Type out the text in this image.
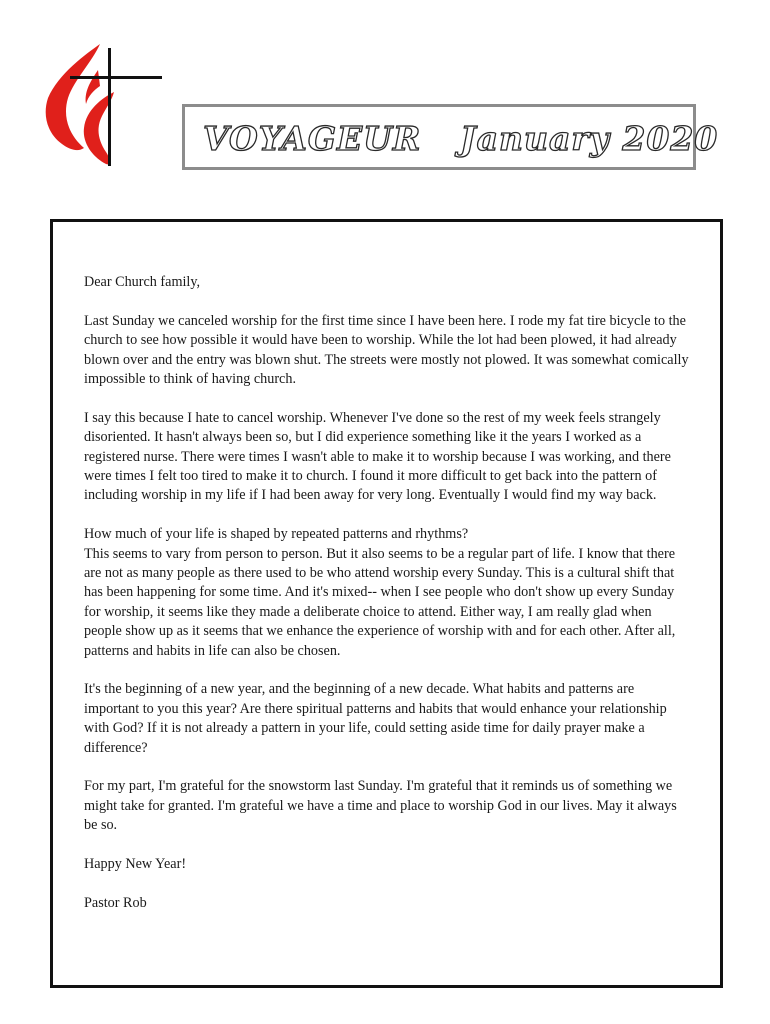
VOYAGEUR January 2020

Dear Church family,

Last Sunday we canceled worship for the first time since I have been here. I rode my fat tire bicycle to the church to see how possible it would have been to worship. While the lot had been plowed, it had already blown over and the entry was blown shut. The streets were mostly not plowed. It was somewhat comically impossible to think of having church.

I say this because I hate to cancel worship. Whenever I've done so the rest of my week feels strangely disoriented. It hasn't always been so, but I did experience something like it the years I worked as a registered nurse. There were times I wasn't able to make it to worship because I was working, and there were times I felt too tired to make it to church. I found it more difficult to get back into the pattern of including worship in my life if I had been away for very long. Eventually I would find my way back.

How much of your life is shaped by repeated patterns and rhythms?
This seems to vary from person to person. But it also seems to be a regular part of life. I know that there are not as many people as there used to be who attend worship every Sunday. This is a cultural shift that has been happening for some time. And it's mixed-- when I see people who don't show up every Sunday for worship, it seems like they made a deliberate choice to attend. Either way, I am really glad when people show up as it seems that we enhance the experience of worship with and for each other. After all, patterns and habits in life can also be chosen.

It's the beginning of a new year, and the beginning of a new decade. What habits and patterns are important to you this year? Are there spiritual patterns and habits that would enhance your relationship with God? If it is not already a pattern in your life, could setting aside time for daily prayer make a difference?

For my part, I'm grateful for the snowstorm last Sunday. I'm grateful that it reminds us of something we might take for granted. I'm grateful we have a time and place to worship God in our lives. May it always be so.

Happy New Year!

Pastor Rob
